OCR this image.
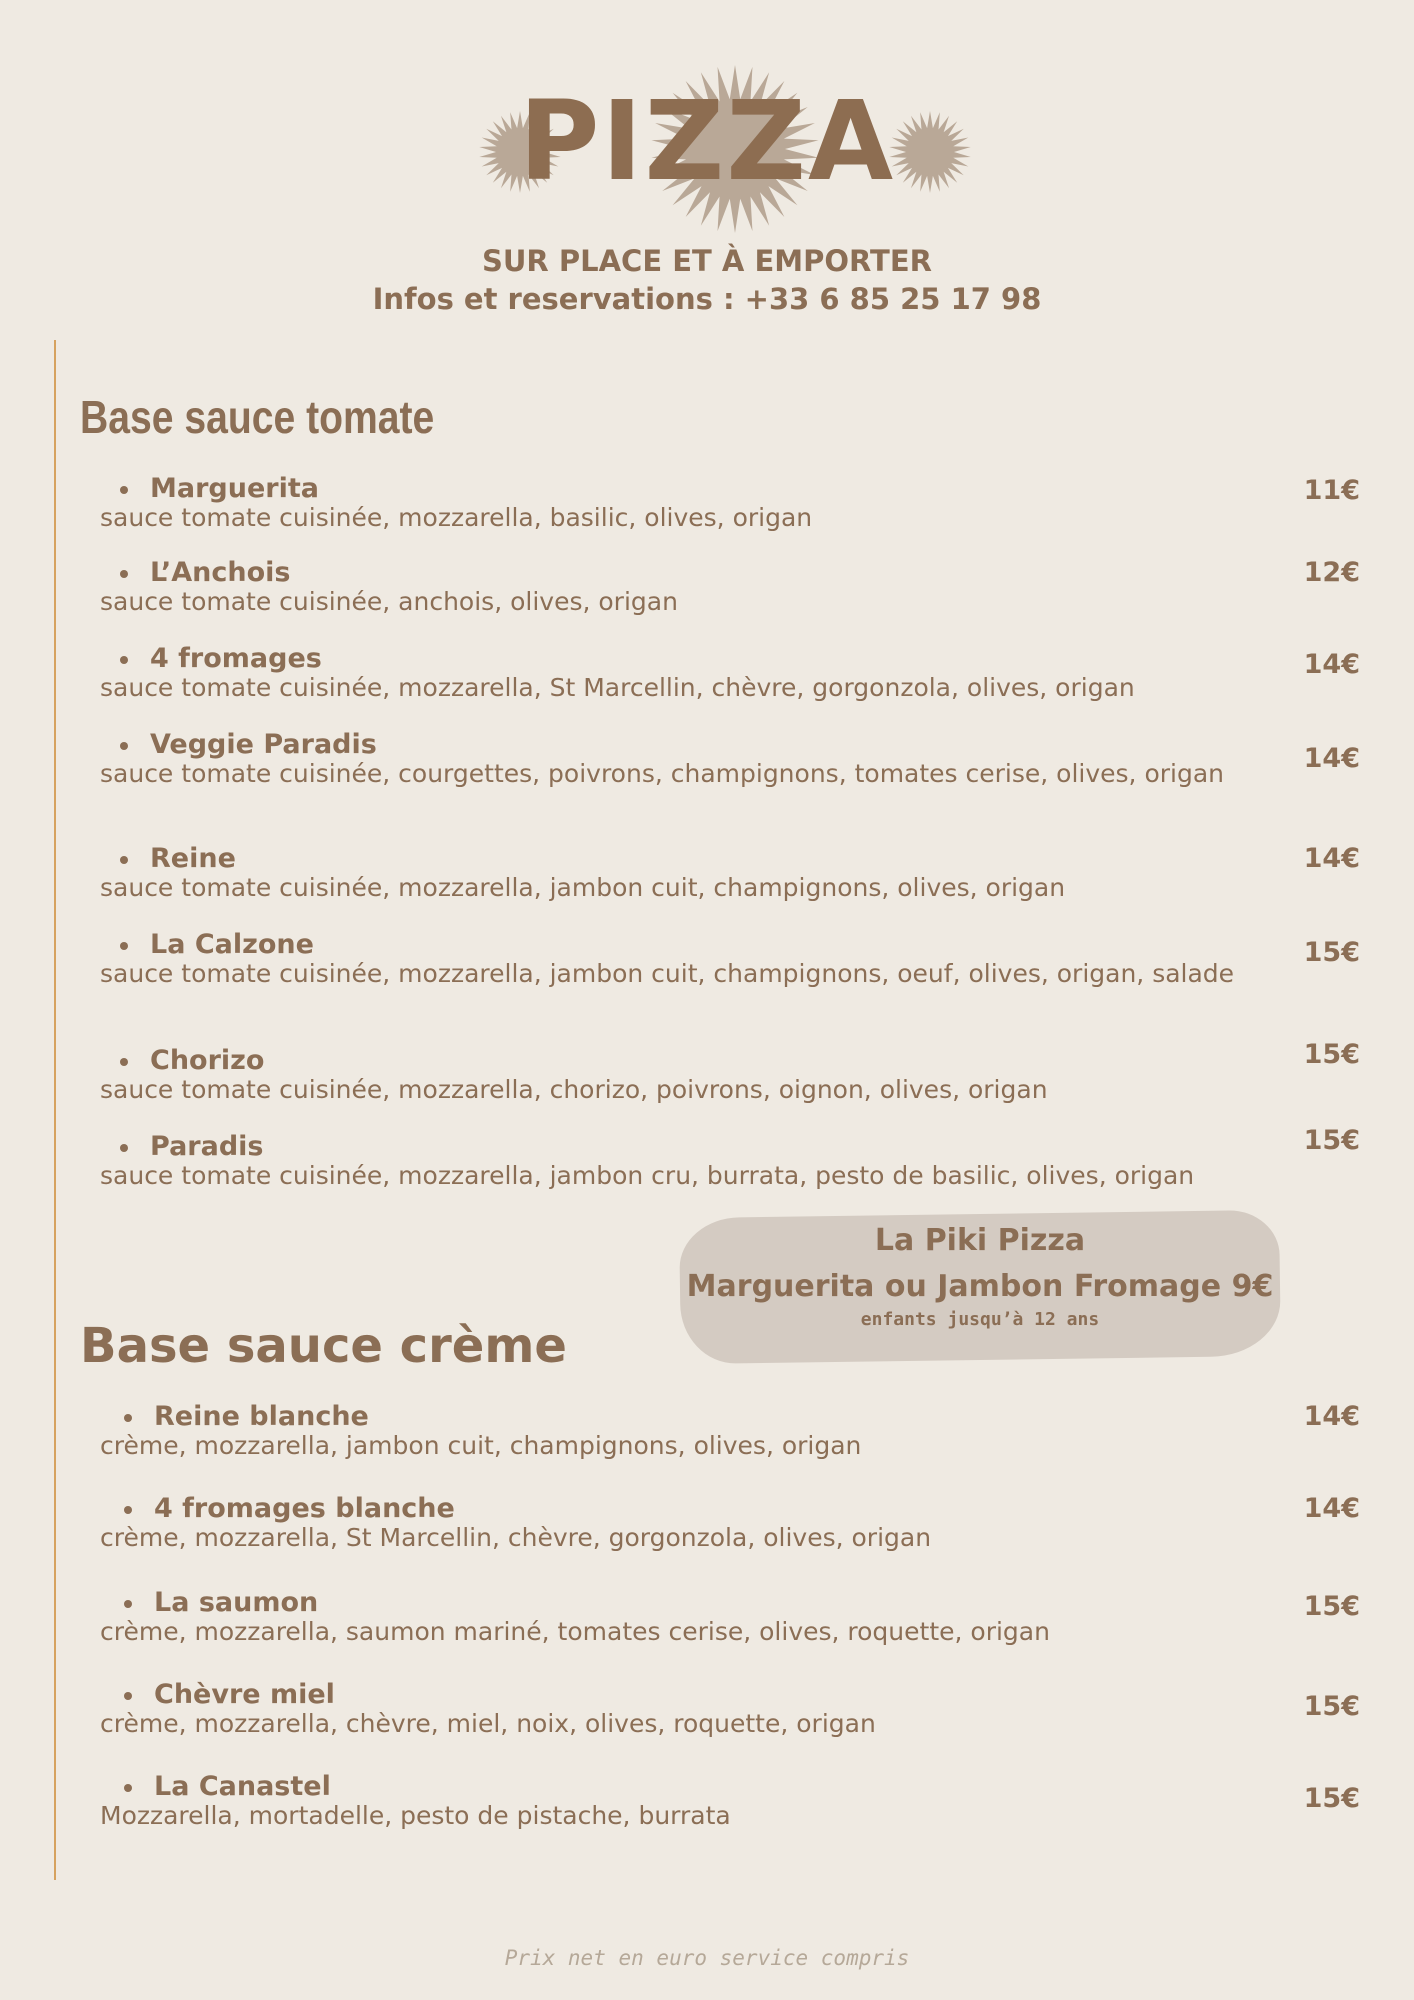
PIZZA
SUR PLACE ET À EMPORTER
Infos et reservations : +33 6 85 25 17 98
Base sauce tomate
Marguerita
sauce tomate cuisinée, mozzarella, basilic, olives, origan
11€
L’Anchois
sauce tomate cuisinée, anchois, olives, origan
12€
4 fromages
sauce tomate cuisinée, mozzarella, St Marcellin, chèvre, gorgonzola, olives, origan
14€
Veggie Paradis
sauce tomate cuisinée, courgettes, poivrons, champignons, tomates cerise, olives, origan	14€
Reine
sauce tomate cuisinée, mozzarella, jambon cuit, champignons, olives, origan
14€
La Calzone
sauce tomate cuisinée, mozzarella, jambon cuit, champignons, oeuf, olives, origan, salade
15€
Chorizo
sauce tomate cuisinée, mozzarella, chorizo, poivrons, oignon, olives, origan
15€
Paradis
sauce tomate cuisinée, mozzarella, jambon cru, burrata, pesto de basilic, olives, origan
15€
La Piki Pizza
Marguerita ou Jambon Fromage 9€
enfants jusqu’à 12 ans
Base sauce crème
Reine blanche
crème, mozzarella, jambon cuit, champignons, olives, origan
14€
4 fromages blanche
crème, mozzarella, St Marcellin, chèvre, gorgonzola, olives, origan
14€
La saumon
crème, mozzarella, saumon mariné, tomates cerise, olives, roquette, origan
15€
Chèvre miel
crème, mozzarella, chèvre, miel, noix, olives, roquette, origan
15€
La Canastel
Mozzarella, mortadelle, pesto de pistache, burrata
15€
Prix net en euro service compris
